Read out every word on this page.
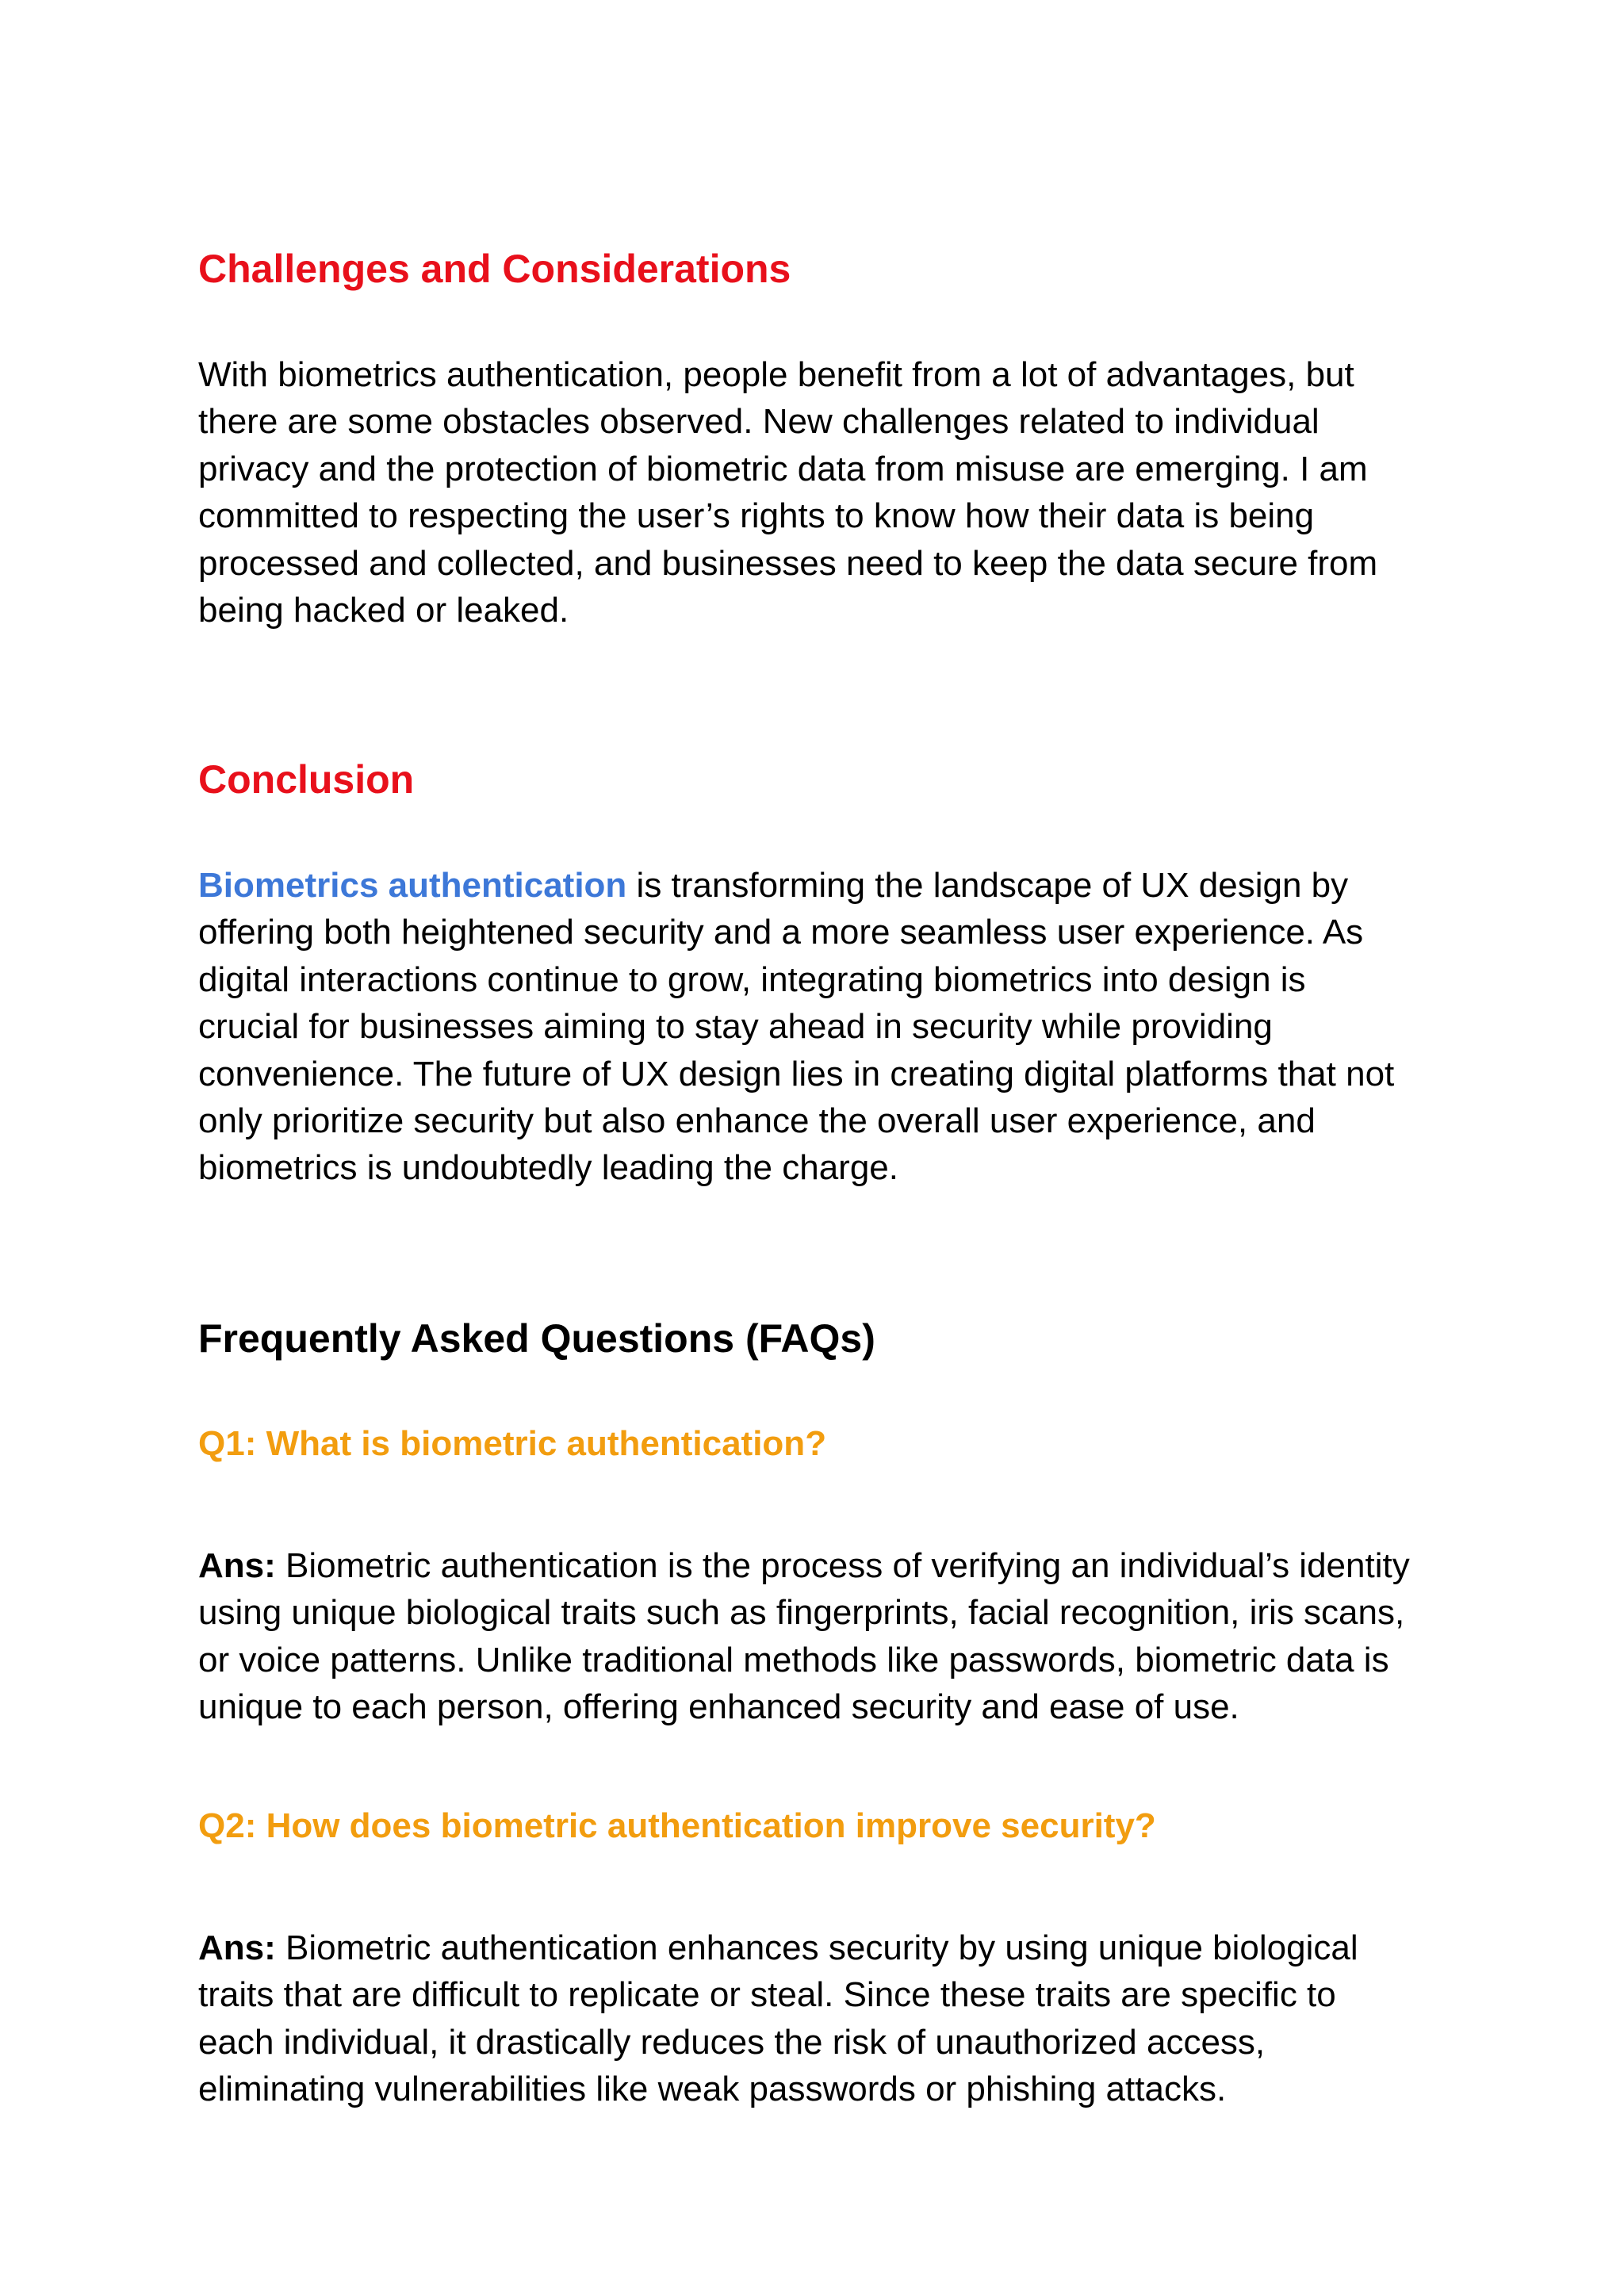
Challenges and Considerations

With biometrics authentication, people benefit from a lot of advantages, but
there are some obstacles observed. New challenges related to individual
privacy and the protection of biometric data from misuse are emerging. I am
committed to respecting the user’s rights to know how their data is being
processed and collected, and businesses need to keep the data secure from
being hacked or leaked.

Conclusion

Biometrics authentication is transforming the landscape of UX design by
offering both heightened security and a more seamless user experience. As
digital interactions continue to grow, integrating biometrics into design is
crucial for businesses aiming to stay ahead in security while providing
convenience. The future of UX design lies in creating digital platforms that not
only prioritize security but also enhance the overall user experience, and
biometrics is undoubtedly leading the charge.

Frequently Asked Questions (FAQs)
Q1: What is biometric authentication?

Ans: Biometric authentication is the process of verifying an individual’s identity
using unique biological traits such as fingerprints, facial recognition, iris scans,
or voice patterns. Unlike traditional methods like passwords, biometric data is
unique to each person, offering enhanced security and ease of use.

Q2: How does biometric authentication improve security?

Ans: Biometric authentication enhances security by using unique biological
traits that are difficult to replicate or steal. Since these traits are specific to
each individual, it drastically reduces the risk of unauthorized access,
eliminating vulnerabilities like weak passwords or phishing attacks.
